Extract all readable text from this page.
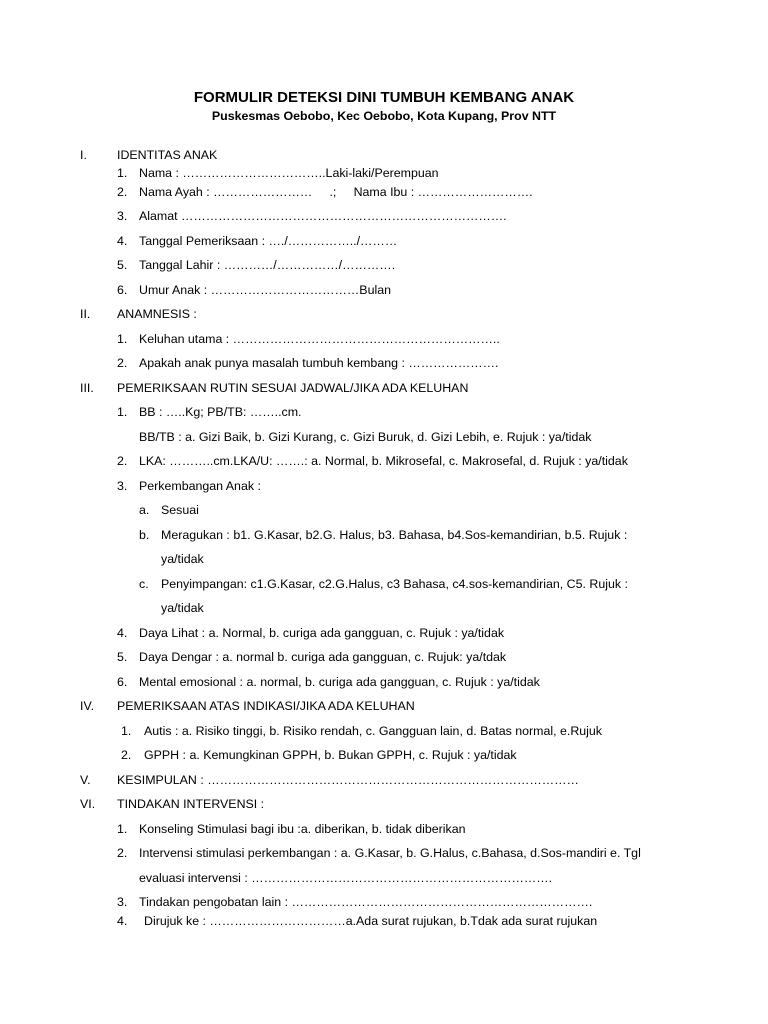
FORMULIR DETEKSI DINI TUMBUH KEMBANG ANAK
Puskesmas Oebobo, Kec Oebobo, Kota Kupang, Prov NTT
I. IDENTITAS ANAK
1. Nama : ……………………………..Laki-laki/Perempuan
2. Nama Ayah : ……………………     .;     Nama Ibu : ……………………….
3. Alamat …………………………………………………………………….
4. Tanggal Pemeriksaan : …./……………../………
5. Tanggal Lahir : …………/……………/………….
6. Umur Anak : ………………………………Bulan
II. ANAMNESIS :
1. Keluhan utama : ………………………………………………………..
2. Apakah anak punya masalah tumbuh kembang : ………………….
III. PEMERIKSAAN RUTIN SESUAI JADWAL/JIKA ADA KELUHAN
1. BB : …..Kg; PB/TB: ……..cm.
BB/TB : a. Gizi Baik, b. Gizi Kurang, c. Gizi Buruk, d. Gizi Lebih, e. Rujuk : ya/tidak
2. LKA: ………..cm.LKA/U: …….: a. Normal, b. Mikrosefal, c. Makrosefal, d. Rujuk : ya/tidak
3. Perkembangan Anak :
a. Sesuai
b. Meragukan : b1. G.Kasar, b2.G. Halus, b3. Bahasa, b4.Sos-kemandirian, b.5. Rujuk :
ya/tidak
c. Penyimpangan: c1.G.Kasar, c2.G.Halus, c3 Bahasa, c4.sos-kemandirian, C5. Rujuk :
ya/tidak
4. Daya Lihat : a. Normal, b. curiga ada gangguan, c. Rujuk : ya/tidak
5. Daya Dengar : a. normal b. curiga ada gangguan, c. Rujuk: ya/tdak
6. Mental emosional : a. normal, b. curiga ada gangguan, c. Rujuk : ya/tidak
IV. PEMERIKSAAN ATAS INDIKASI/JIKA ADA KELUHAN
1. Autis : a. Risiko tinggi, b. Risiko rendah, c. Gangguan lain, d. Batas normal, e.Rujuk
2. GPPH : a. Kemungkinan GPPH, b. Bukan GPPH, c. Rujuk : ya/tidak
V. KESIMPULAN : ………………………………………………………………………………
VI. TINDAKAN INTERVENSI :
1. Konseling Stimulasi bagi ibu :a. diberikan, b. tidak diberikan
2. Intervensi stimulasi perkembangan : a. G.Kasar, b. G.Halus, c.Bahasa, d.Sos-mandiri e. Tgl
evaluasi intervensi : ……………………………………………………………….
3. Tindakan pengobatan lain : ……………………………………………………………….
4. Dirujuk ke : ……………………………a.Ada surat rujukan, b.Tdak ada surat rujukan
